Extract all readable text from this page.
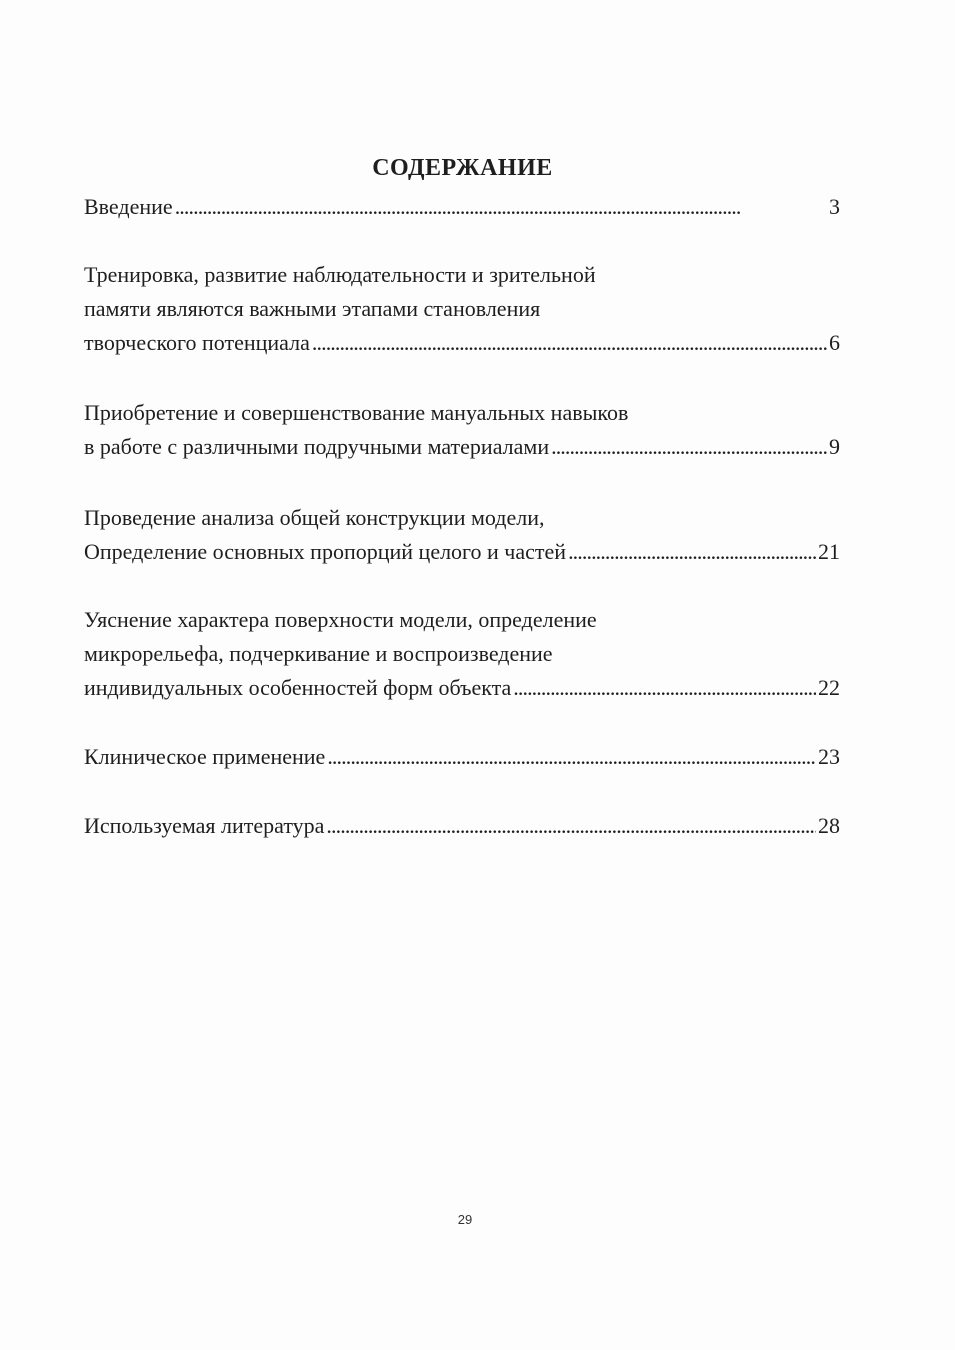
СОДЕРЖАНИЕ
Введение . . .	3
Тренировка, развитие наблюдательности и зрительной
памяти являются важными этапами становления
творческого потенциала . . .	6
Приобретение и совершенствование мануальных навыков
в работе с различными подручными материалами . . .	9
Проведение анализа общей конструкции модели,
Определение основных пропорций целого и частей . . .	21
Уяснение характера поверхности модели, определение
микрорельефа, подчеркивание и воспроизведение
индивидуальных особенностей форм объекта . . .	22
Клиническое применение . . .	23
Используемая литература . . .	28
29
